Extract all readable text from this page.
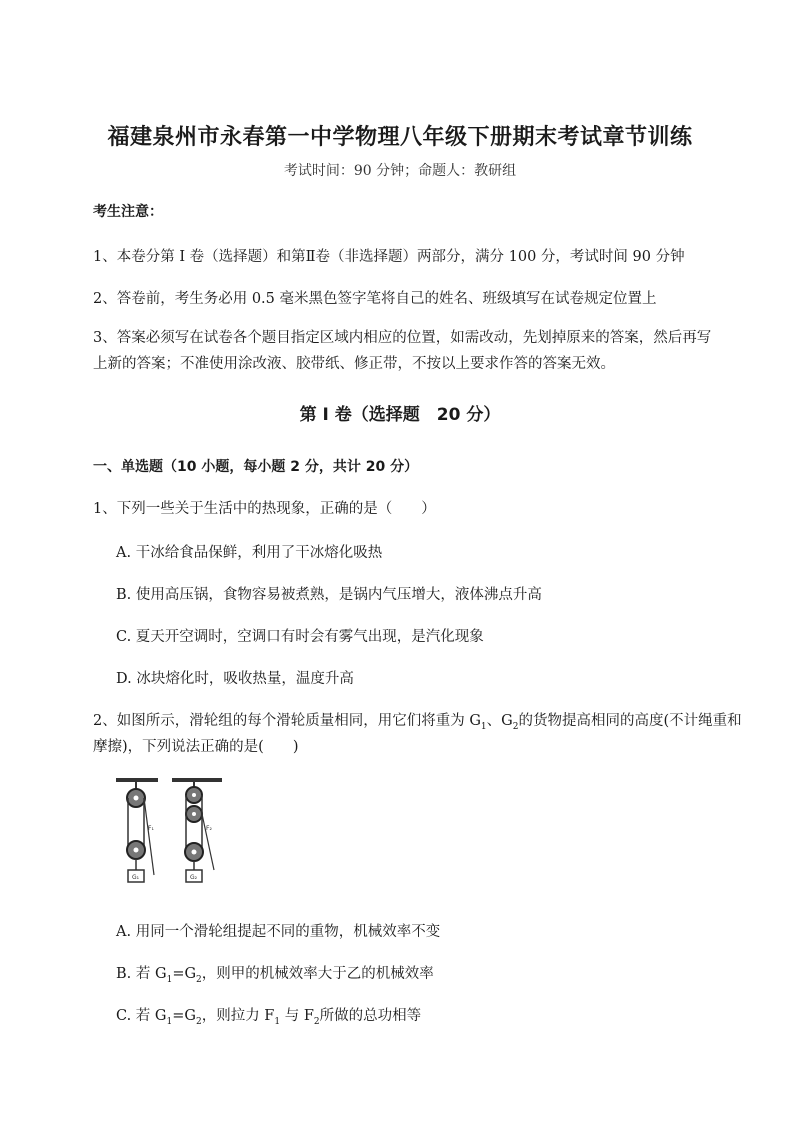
福建泉州市永春第一中学物理八年级下册期末考试章节训练
考试时间：90 分钟；命题人：教研组
考生注意：
1、本卷分第 I 卷（选择题）和第Ⅱ卷（非选择题）两部分，满分 100 分，考试时间 90 分钟
2、答卷前，考生务必用 0.5 毫米黑色签字笔将自己的姓名、班级填写在试卷规定位置上
3、答案必须写在试卷各个题目指定区域内相应的位置，如需改动，先划掉原来的答案，然后再写上新的答案；不准使用涂改液、胶带纸、修正带，不按以上要求作答的答案无效。
第 I 卷（选择题　20 分）
一、单选题（10 小题，每小题 2 分，共计 20 分）
1、下列一些关于生活中的热现象，正确的是（　　）
A. 干冰给食品保鲜，利用了干冰熔化吸热
B. 使用高压锅，食物容易被煮熟，是锅内气压增大，液体沸点升高
C. 夏天开空调时，空调口有时会有雾气出现，是汽化现象
D. 冰块熔化时，吸收热量，温度升高
2、如图所示，滑轮组的每个滑轮质量相同，用它们将重为 $G_1$、$G_2$的货物提高相同的高度(不计绳重和
摩擦)，下列说法正确的是(　　)
G₁
F₁
G₂
F₂
A. 用同一个滑轮组提起不同的重物，机械效率不变
B. 若 $G_1=G_2$，则甲的机械效率大于乙的机械效率
C. 若 $G_1=G_2$，则拉力 $F_1$ 与 $F_2$所做的总功相等
